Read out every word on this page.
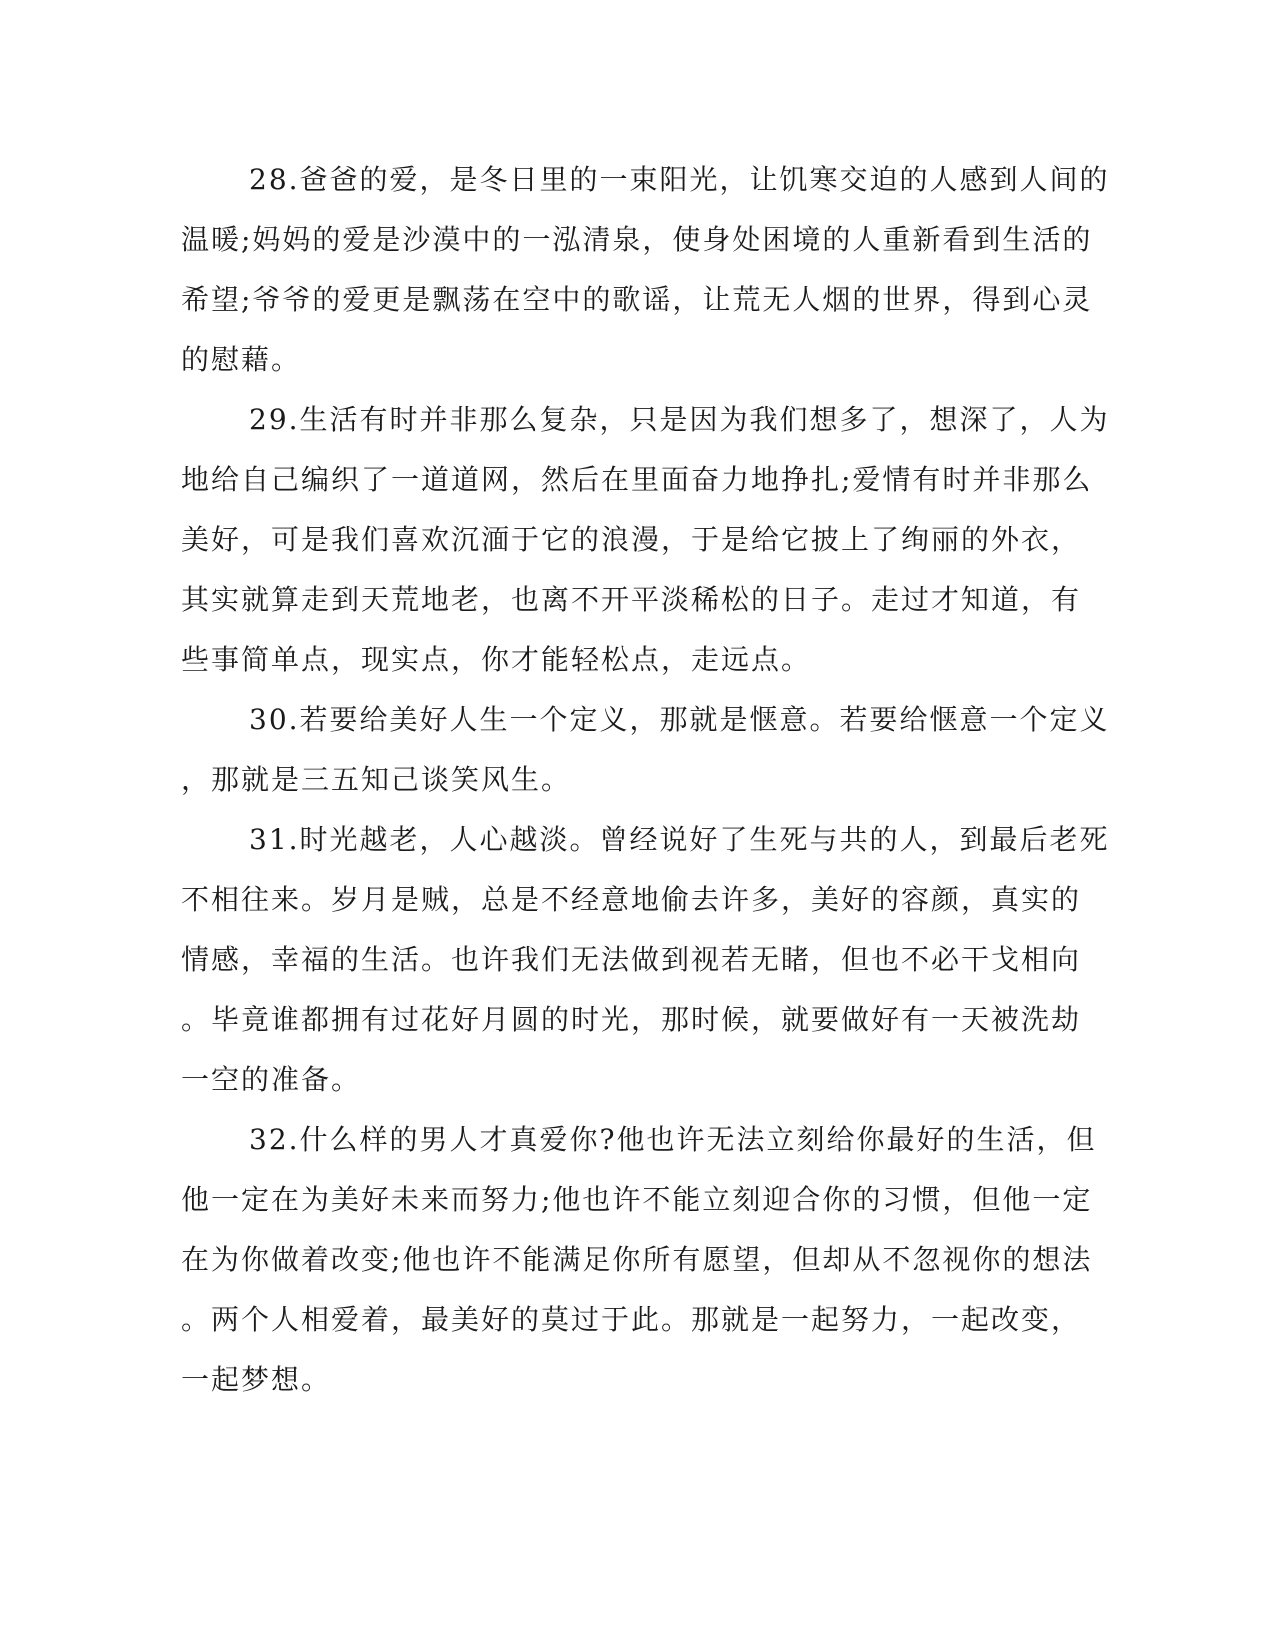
28.爸爸的爱，是冬日里的一束阳光，让饥寒交迫的人感到人间的
温暖;妈妈的爱是沙漠中的一泓清泉，使身处困境的人重新看到生活的
希望;爷爷的爱更是飘荡在空中的歌谣，让荒无人烟的世界，得到心灵
的慰藉。
29.生活有时并非那么复杂，只是因为我们想多了，想深了，人为
地给自己编织了一道道网，然后在里面奋力地挣扎;爱情有时并非那么
美好，可是我们喜欢沉湎于它的浪漫，于是给它披上了绚丽的外衣，
其实就算走到天荒地老，也离不开平淡稀松的日子。走过才知道，有
些事简单点，现实点，你才能轻松点，走远点。
30.若要给美好人生一个定义，那就是惬意。若要给惬意一个定义
，那就是三五知己谈笑风生。
31.时光越老，人心越淡。曾经说好了生死与共的人，到最后老死
不相往来。岁月是贼，总是不经意地偷去许多，美好的容颜，真实的
情感，幸福的生活。也许我们无法做到视若无睹，但也不必干戈相向
。毕竟谁都拥有过花好月圆的时光，那时候，就要做好有一天被洗劫
一空的准备。
32.什么样的男人才真爱你?他也许无法立刻给你最好的生活，但
他一定在为美好未来而努力;他也许不能立刻迎合你的习惯，但他一定
在为你做着改变;他也许不能满足你所有愿望，但却从不忽视你的想法
。两个人相爱着，最美好的莫过于此。那就是一起努力，一起改变，
一起梦想。
